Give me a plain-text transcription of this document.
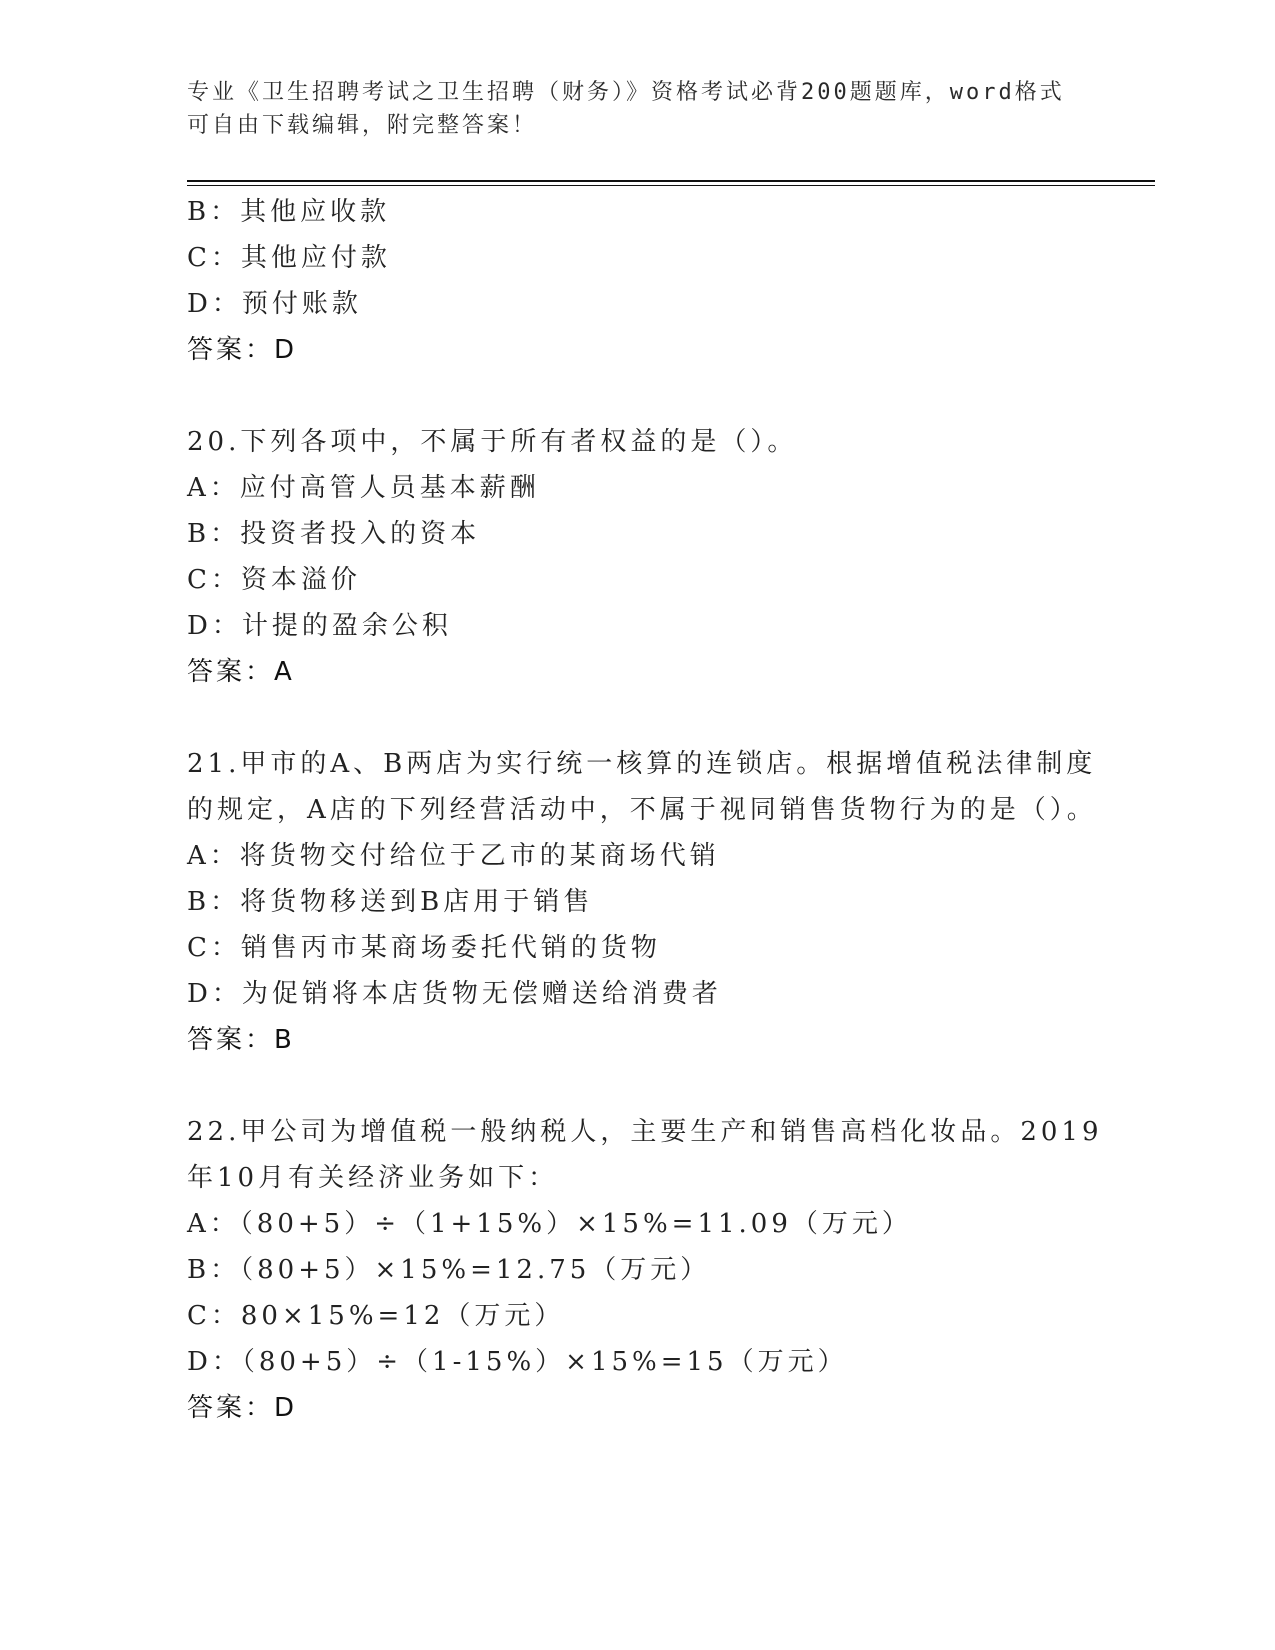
专业《卫生招聘考试之卫生招聘（财务）》资格考试必背200题题库，word格式

可自由下载编辑，附完整答案！

B：其他应收款
C：其他应付款
D：预付账款
答案：D
20.下列各项中，不属于所有者权益的是（）。
A：应付高管人员基本薪酬
B：投资者投入的资本
C：资本溢价
D：计提的盈余公积
答案：A
21.甲市的A、B两店为实行统一核算的连锁店。根据增值税法律制度
的规定，A店的下列经营活动中，不属于视同销售货物行为的是（）。
A：将货物交付给位于乙市的某商场代销
B：将货物移送到B店用于销售
C：销售丙市某商场委托代销的货物
D：为促销将本店货物无偿赠送给消费者
答案：B
22.甲公司为增值税一般纳税人，主要生产和销售高档化妆品。2019
年10月有关经济业务如下：
A：（80+5）÷（1+15%）×15%=11.09（万元）
B：（80+5）×15%=12.75（万元）
C：80×15%=12（万元）
D：（80+5）÷（1-15%）×15%=15（万元）
答案：D
